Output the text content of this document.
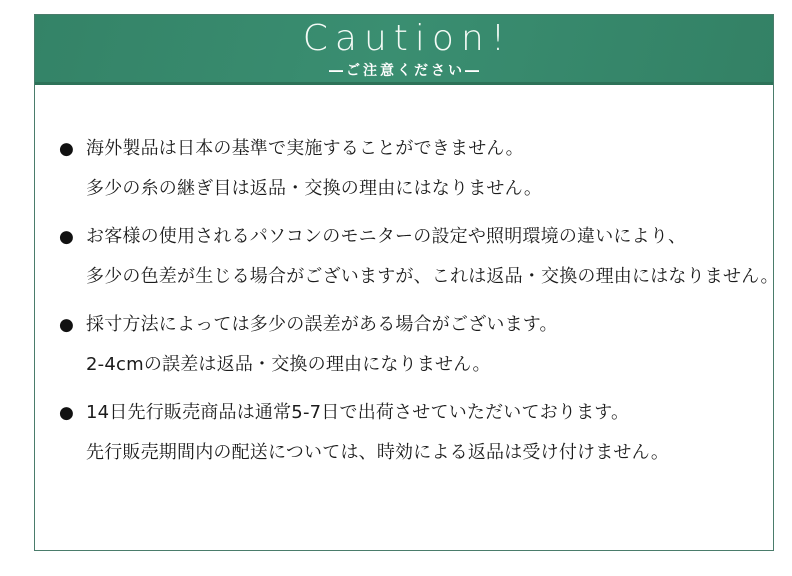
Caution!
―ご注意ください―
● 海外製品は日本の基準で実施することができません。
多少の糸の継ぎ目は返品・交換の理由にはなりません。
● お客様の使用されるパソコンのモニターの設定や照明環境の違いにより、
多少の色差が生じる場合がございますが、これは返品・交換の理由にはなりません。
● 採寸方法によっては多少の誤差がある場合がございます。
2-4cmの誤差は返品・交換の理由になりません。
● 14日先行販売商品は通常5-7日で出荷させていただいております。
先行販売期間内の配送については、時効による返品は受け付けません。
